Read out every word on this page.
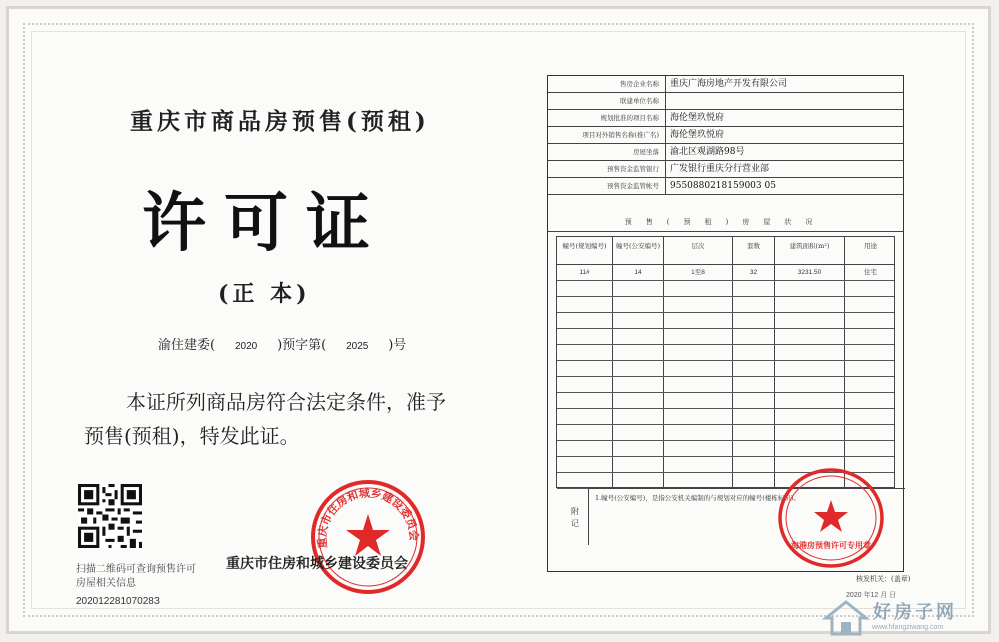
重庆市商品房预售(预租)
许可证
(正 本)
渝住建委( 2020 )预字第( 2025 )号
本证所列商品房符合法定条件，准予预售(预租)，特发此证。
扫描二维码可查询预售许可房屋相关信息
20201228107028З
重庆市住房和城乡建设委员会
重庆市住房和城乡建设委员会
售房企业名称	重庆广海房地产开发有限公司
联建单位名称
规划批准的项目名称	海伦堡玖悦府
项目对外销售名称(推广名)	海伦堡玖悦府
房屋坐落	渝北区观湖路98号
预售资金监管银行	广发银行重庆分行营业部
预售资金监管帐号	9550880218159003 05
预售(预租)房屋状况
幢号(规划编号)	幢号(公安编号)	层次	套数	建筑面积(m²)	用途
11#	14	1至8	32	3231.50	住宅
1.幢号(公安编号)，是指公安机关编制的与规划对应的幢号(楼栋标识)。
附记
海港房预售许可专用章
核发机关：(盖章)
2020 年12 月 日
好房子网
www.hfangziwang.com
